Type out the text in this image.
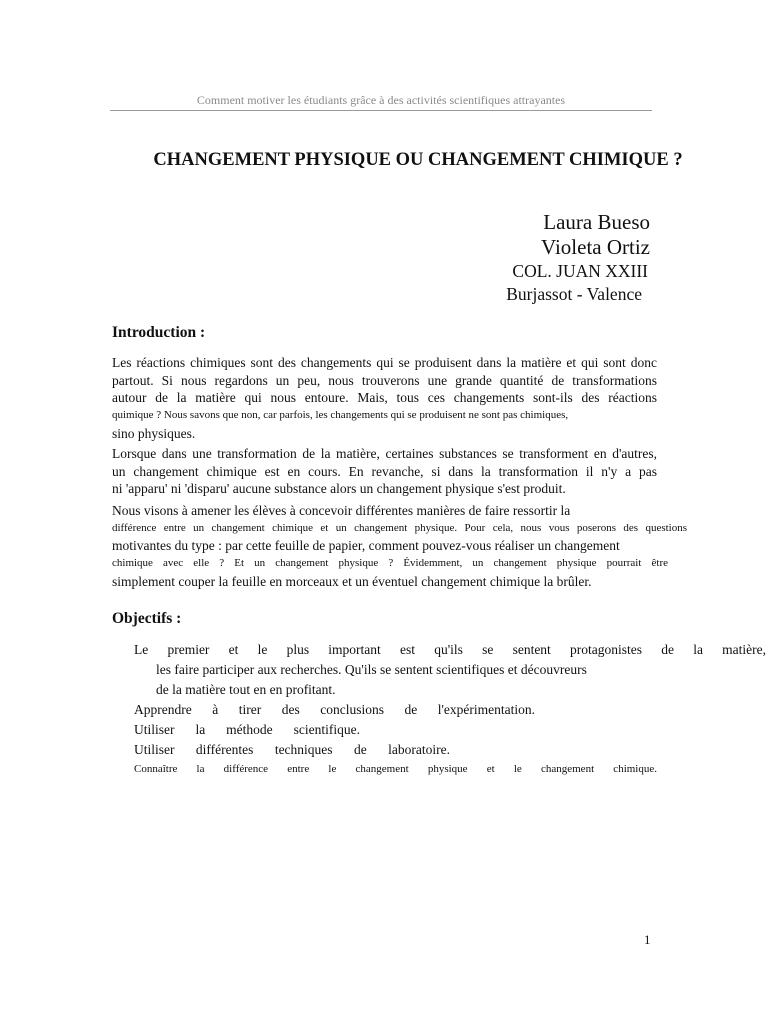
Comment motiver les étudiants grâce à des activités scientifiques attrayantes
CHANGEMENT PHYSIQUE OU CHANGEMENT CHIMIQUE ?
Laura Bueso
Violeta Ortiz
COL. JUAN XXIII
Burjassot - Valence
Introduction :
Les réactions chimiques sont des changements qui se produisent dans la matière et qui sont donc
partout. Si nous regardons un peu, nous trouverons une grande quantité de transformations
autour de la matière qui nous entoure. Mais, tous ces changements sont-ils des réactions
quimique ? Nous savons que non, car parfois, les changements qui se produisent ne sont pas chimiques,
sino physiques.
Lorsque dans une transformation de la matière, certaines substances se transforment en d'autres,
un changement chimique est en cours. En revanche, si dans la transformation il n'y a pas
ni 'apparu' ni 'disparu' aucune substance alors un changement physique s'est produit.
Nous visons à amener les élèves à concevoir différentes manières de faire ressortir la
différence entre un changement chimique et un changement physique. Pour cela, nous vous poserons des questions
motivantes du type : par cette feuille de papier, comment pouvez-vous réaliser un changement
chimique avec elle ? Et un changement physique ? Évidemment, un changement physique pourrait être
simplement couper la feuille en morceaux et un éventuel changement chimique la brûler.
Objectifs :
Le premier et le plus important est qu'ils se sentent protagonistes de la matière,
les faire participer aux recherches. Qu'ils se sentent scientifiques et découvreurs
de la matière tout en en profitant.
Apprendre à tirer des conclusions de l'expérimentation.
Utiliser la méthode scientifique.
Utiliser différentes techniques de laboratoire.
Connaître la différence entre le changement physique et le changement chimique.
1
